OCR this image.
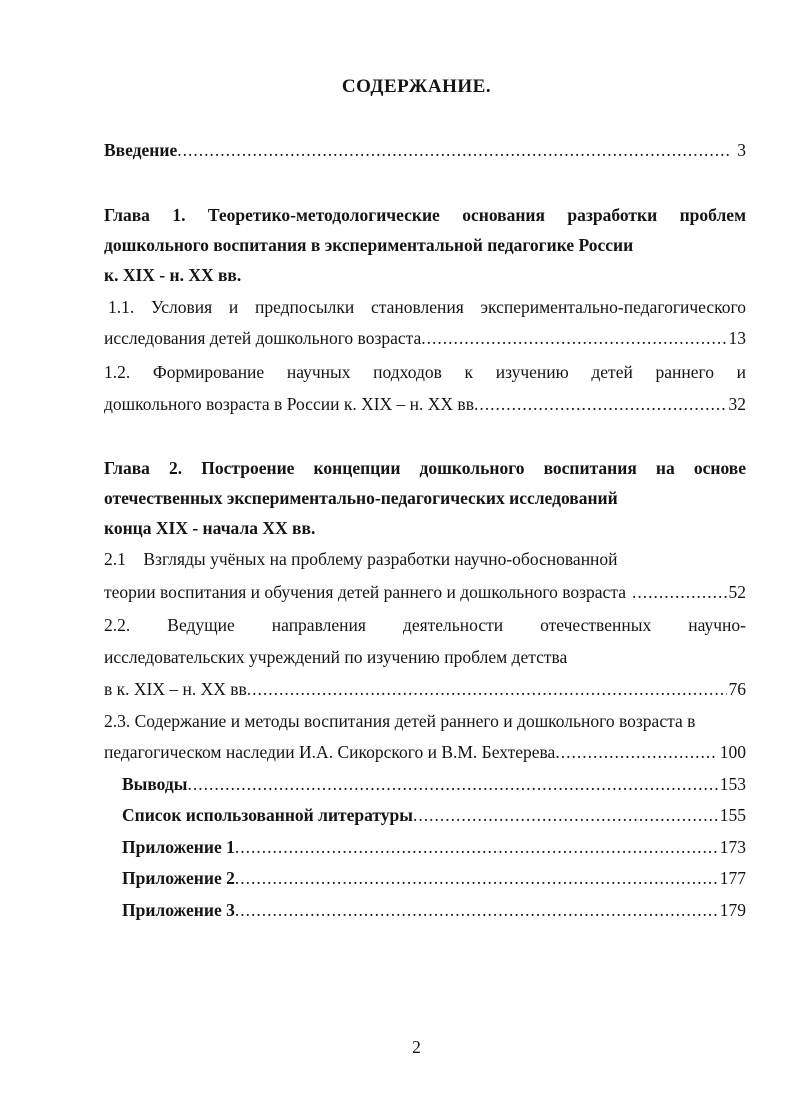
СОДЕРЖАНИЕ.
Введение .....	3
Глава 1. Теоретико-методологические основания разработки проблем
дошкольного воспитания в экспериментальной педагогике России
к. XIX - н. XX вв.
1.1. Условия и предпосылки становления экспериментально-педагогического
исследования детей дошкольного возраста .....	13
1.2. Формирование научных подходов к изучению детей раннего и
дошкольного возраста в России к. XIX – н. XX вв .....	32
Глава 2. Построение концепции дошкольного воспитания на основе
отечественных экспериментально-педагогических исследований
конца XIX - начала XX вв.
2.1    Взгляды учёных на проблему разработки научно-обоснованной
теории воспитания и обучения детей раннего и дошкольного возраста .....	52
2.2. Ведущие направления деятельности отечественных научно-
исследовательских учреждений по изучению проблем детства
в к. XIX – н. XX вв .....	76
2.3. Содержание и методы воспитания детей раннего и дошкольного возраста в
педагогическом наследии И.А. Сикорского и В.М. Бехтерева .....	100
Выводы .....	153
Список использованной литературы .....	155
Приложение 1 .....	173
Приложение 2 .....	177
Приложение 3 .....	179
2
